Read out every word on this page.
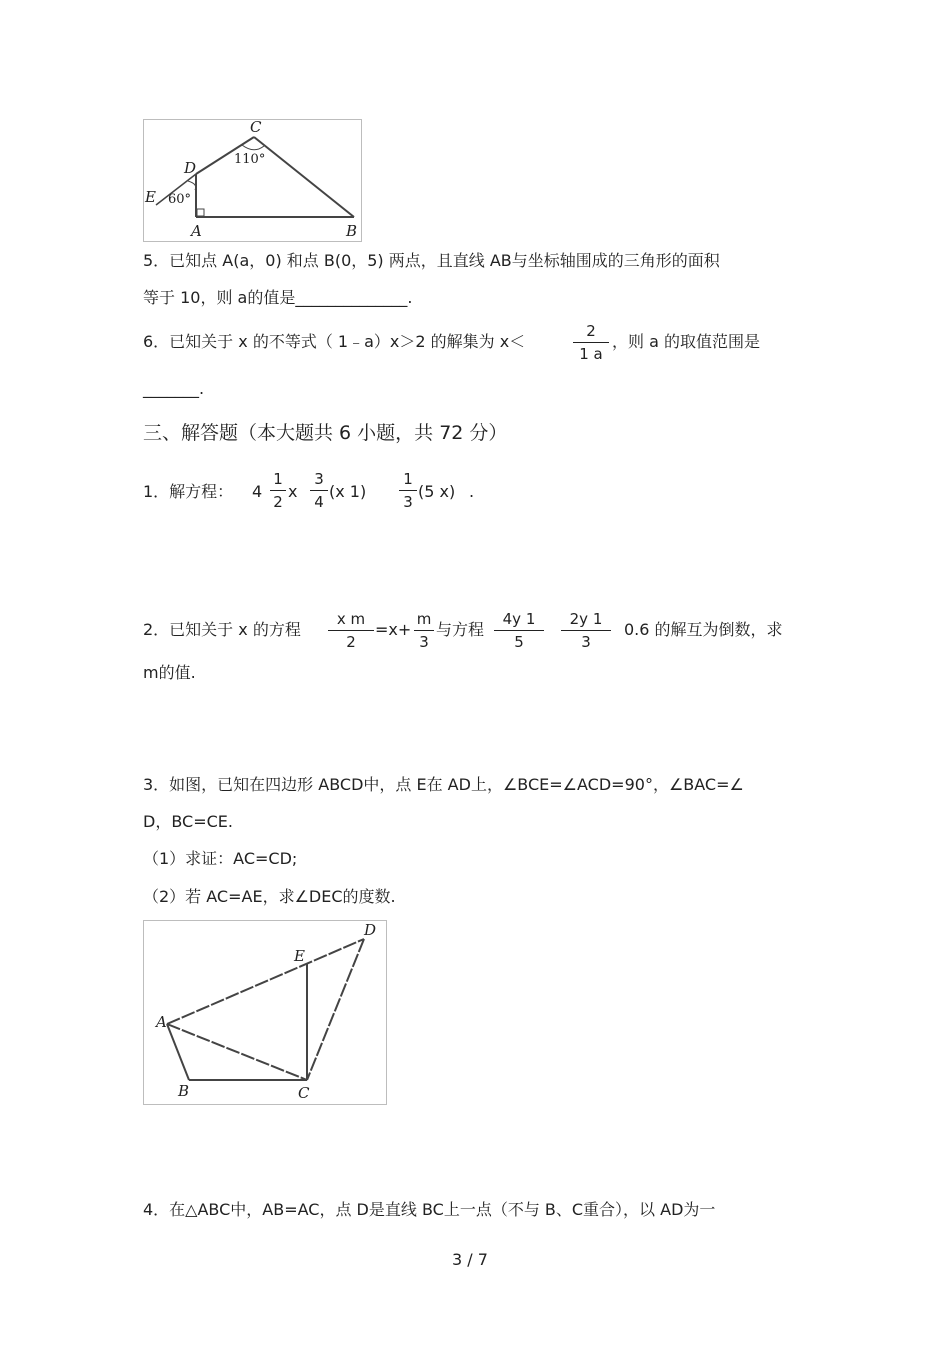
C
D
E
A	B
110°
60°
5．已知点 A(a，0) 和点 B(0，5) 两点，且直线 AB与坐标轴围成的三角形的面积
等于 10，则 a的值是______________.
6．已知关于 x 的不等式（ 1﹣a）x＞2 的解集为 x＜
2
1 a
，则 a 的取值范围是
_______.
三、解答题（本大题共 6 小题，共 72 分）
1．解方程： 4
1
2
x
3
4
(x 1)
1
3
(5 x) .
2．已知关于 x 的方程
x m
2
=x+
m
3
与方程
4y 1
5
2y 1
3
0.6 的解互为倒数，求
m的值.
3．如图，已知在四边形 ABCD中，点 E在 AD上，∠BCE=∠ACD=90°，∠BAC=∠
D，BC=CE.
（1）求证：AC=CD;
（2）若 AC=AE，求∠DEC的度数.
A
B	C
D
E
4．在△ABC中，AB=AC，点 D是直线 BC上一点（不与 B、C重合），以 AD为一
3 / 7
